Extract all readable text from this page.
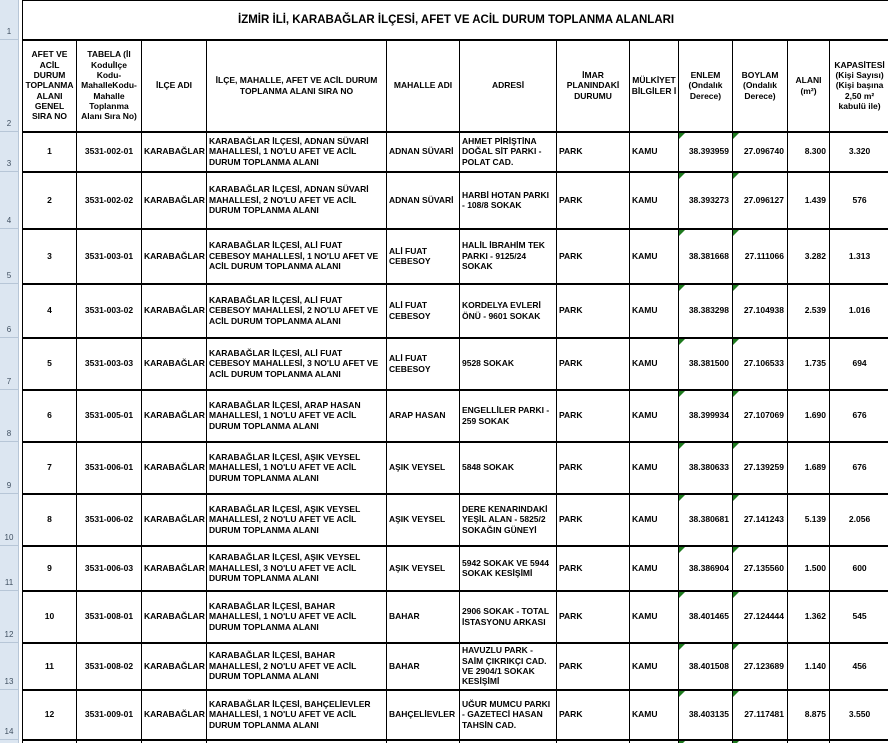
1
2
3
4
5
6
7
8
9
10
11
12
13
14
İZMİR İLİ, KARABAĞLAR İLÇESİ, AFET VE ACİL DURUM TOPLANMA ALANLARI											
AFET VE ACİL DURUM TOPLANMA ALANI GENEL SIRA NO	TABELA (İl Koduİlçe Kodu-MahalleKodu-Mahalle Toplanma Alanı Sıra No)	İLÇE ADI	İLÇE, MAHALLE, AFET VE ACİL DURUM TOPLANMA ALANI SIRA NO	MAHALLE ADI	ADRESİ	İMAR PLANINDAKİ DURUMU	MÜLKİYET BİLGİLER İ	ENLEM (Ondalık Derece)	BOYLAM (Ondalık Derece)	ALANI (m²)	KAPASİTESİ (Kişi Sayısı) (Kişi başına 2,50 m² kabulü ile)
1	3531-002-01	KARABAĞLAR	KARABAĞLAR İLÇESİ, ADNAN SÜVARİ MAHALLESİ, 1 NO'LU AFET VE ACİL DURUM TOPLANMA ALANI	ADNAN SÜVARİ	AHMET PİRİŞTİNA DOĞAL SİT PARKI - POLAT CAD.	PARK	KAMU	38.393959	27.096740	8.300	3.320
2	3531-002-02	KARABAĞLAR	KARABAĞLAR İLÇESİ, ADNAN SÜVARİ MAHALLESİ, 2 NO'LU AFET VE ACİL DURUM TOPLANMA ALANI	ADNAN SÜVARİ	HARBİ HOTAN PARKI - 108/8 SOKAK	PARK	KAMU	38.393273	27.096127	1.439	576
3	3531-003-01	KARABAĞLAR	KARABAĞLAR İLÇESİ, ALİ FUAT CEBESOY MAHALLESİ, 1 NO'LU AFET VE ACİL DURUM TOPLANMA ALANI	ALİ FUAT CEBESOY	HALİL İBRAHİM TEK PARKI - 9125/24 SOKAK	PARK	KAMU	38.381668	27.111066	3.282	1.313
4	3531-003-02	KARABAĞLAR	KARABAĞLAR İLÇESİ, ALİ FUAT CEBESOY MAHALLESİ, 2 NO'LU AFET VE ACİL DURUM TOPLANMA ALANI	ALİ FUAT CEBESOY	KORDELYA EVLERİ ÖNÜ - 9601 SOKAK	PARK	KAMU	38.383298	27.104938	2.539	1.016
5	3531-003-03	KARABAĞLAR	KARABAĞLAR İLÇESİ, ALİ FUAT CEBESOY MAHALLESİ, 3 NO'LU AFET VE ACİL DURUM TOPLANMA ALANI	ALİ FUAT CEBESOY	9528 SOKAK	PARK	KAMU	38.381500	27.106533	1.735	694
6	3531-005-01	KARABAĞLAR	KARABAĞLAR İLÇESİ, ARAP HASAN MAHALLESİ, 1 NO'LU AFET VE ACİL DURUM TOPLANMA ALANI	ARAP HASAN	ENGELLİLER PARKI - 259 SOKAK	PARK	KAMU	38.399934	27.107069	1.690	676
7	3531-006-01	KARABAĞLAR	KARABAĞLAR İLÇESİ, AŞIK VEYSEL MAHALLESİ, 1 NO'LU AFET VE ACİL DURUM TOPLANMA ALANI	AŞIK VEYSEL	5848 SOKAK	PARK	KAMU	38.380633	27.139259	1.689	676
8	3531-006-02	KARABAĞLAR	KARABAĞLAR İLÇESİ, AŞIK VEYSEL MAHALLESİ, 2 NO'LU AFET VE ACİL DURUM TOPLANMA ALANI	AŞIK VEYSEL	DERE KENARINDAKİ YEŞİL ALAN - 5825/2 SOKAĞIN GÜNEYİ	PARK	KAMU	38.380681	27.141243	5.139	2.056
9	3531-006-03	KARABAĞLAR	KARABAĞLAR İLÇESİ, AŞIK VEYSEL MAHALLESİ, 3 NO'LU AFET VE ACİL DURUM TOPLANMA ALANI	AŞIK VEYSEL	5942 SOKAK VE 5944 SOKAK KESİŞİMİ	PARK	KAMU	38.386904	27.135560	1.500	600
10	3531-008-01	KARABAĞLAR	KARABAĞLAR İLÇESİ, BAHAR MAHALLESİ, 1 NO'LU AFET VE ACİL DURUM TOPLANMA ALANI	BAHAR	2906 SOKAK - TOTAL İSTASYONU ARKASI	PARK	KAMU	38.401465	27.124444	1.362	545
11	3531-008-02	KARABAĞLAR	KARABAĞLAR İLÇESİ, BAHAR MAHALLESİ, 2 NO'LU AFET VE ACİL DURUM TOPLANMA ALANI	BAHAR	HAVUZLU PARK - SAİM ÇIKRIKÇI CAD. VE 2904/1 SOKAK KESİŞİMİ	PARK	KAMU	38.401508	27.123689	1.140	456
12	3531-009-01	KARABAĞLAR	KARABAĞLAR İLÇESİ, BAHÇELİEVLER MAHALLESİ, 1 NO'LU AFET VE ACİL DURUM TOPLANMA ALANI	BAHÇELİEVLER	UĞUR MUMCU PARKI - GAZETECİ HASAN TAHSİN CAD.	PARK	KAMU	38.403135	27.117481	8.875	3.550
